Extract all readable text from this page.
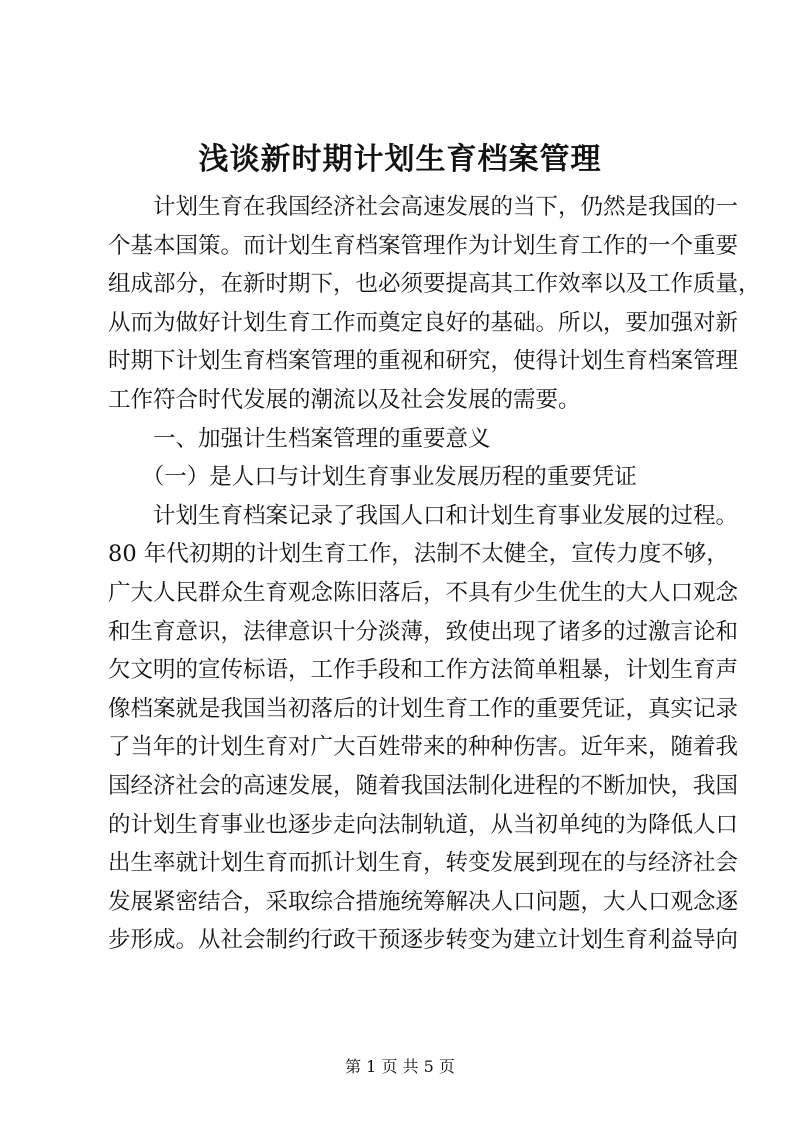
浅谈新时期计划生育档案管理
　　计划生育在我国经济社会高速发展的当下，仍然是我国的一
个基本国策。而计划生育档案管理作为计划生育工作的一个重要
组成部分，在新时期下，也必须要提高其工作效率以及工作质量，
从而为做好计划生育工作而奠定良好的基础。所以，要加强对新
时期下计划生育档案管理的重视和研究，使得计划生育档案管理
工作符合时代发展的潮流以及社会发展的需要。
　　一、加强计生档案管理的重要意义
　　（一）是人口与计划生育事业发展历程的重要凭证
　　计划生育档案记录了我国人口和计划生育事业发展的过程。
80 年代初期的计划生育工作，法制不太健全，宣传力度不够，
广大人民群众生育观念陈旧落后，不具有少生优生的大人口观念
和生育意识，法律意识十分淡薄，致使出现了诸多的过激言论和
欠文明的宣传标语，工作手段和工作方法简单粗暴，计划生育声
像档案就是我国当初落后的计划生育工作的重要凭证，真实记录
了当年的计划生育对广大百姓带来的种种伤害。近年来，随着我
国经济社会的高速发展，随着我国法制化进程的不断加快，我国
的计划生育事业也逐步走向法制轨道，从当初单纯的为降低人口
出生率就计划生育而抓计划生育，转变发展到现在的与经济社会
发展紧密结合，采取综合措施统筹解决人口问题，大人口观念逐
步形成。从社会制约行政干预逐步转变为建立计划生育利益导向
第 1 页 共 5 页
